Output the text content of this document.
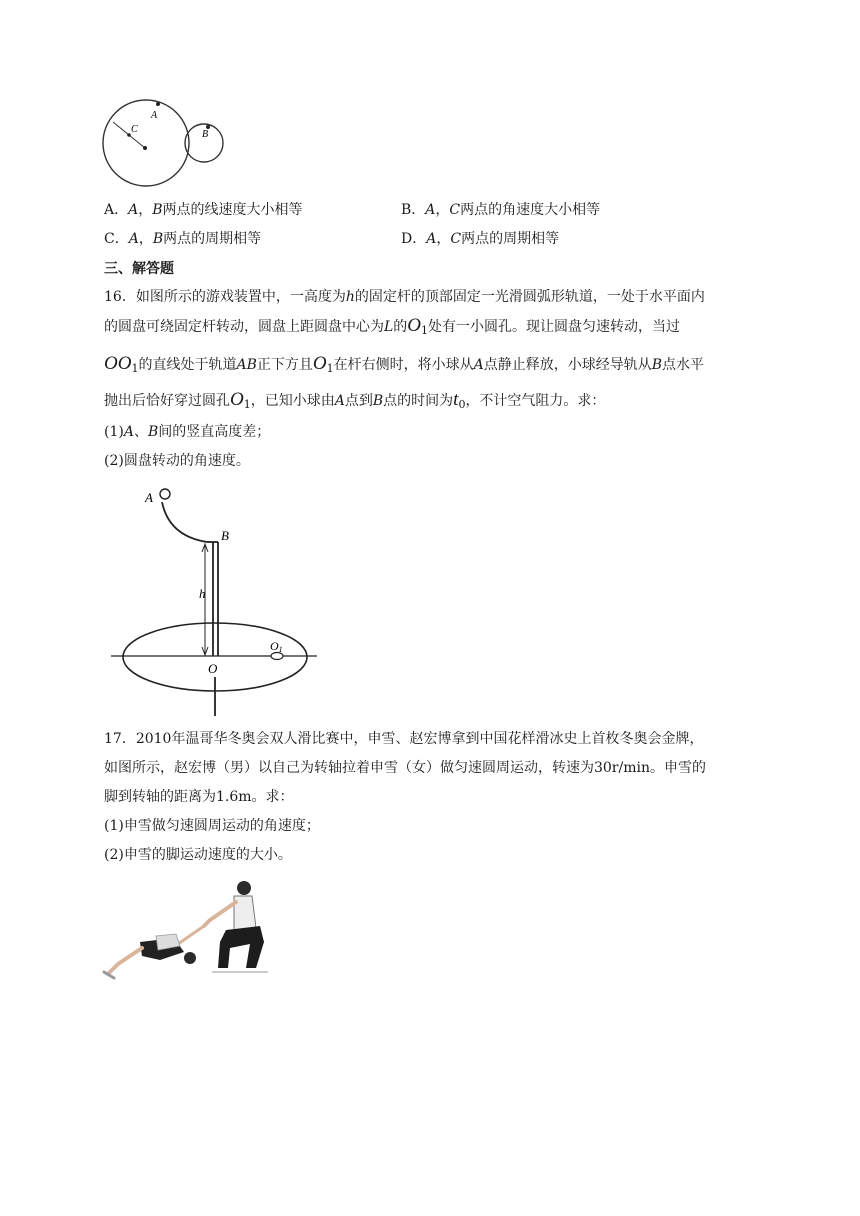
A
C	B
A．A，B两点的线速度大小相等	B．A，C两点的角速度大小相等
C．A，B两点的周期相等	D．A，C两点的周期相等
三、解答题
16．如图所示的游戏装置中，一高度为h的固定杆的顶部固定一光滑圆弧形轨道，一处于水平面内
的圆盘可绕固定杆转动，圆盘上距圆盘中心为L的$O_1$处有一小圆孔。现让圆盘匀速转动，当过
$OO_1$的直线处于轨道AB正下方且$O_1$在杆右侧时，将小球从A点静止释放，小球经导轨从B点水平
抛出后恰好穿过圆孔$O_1$，已知小球由A点到B点的时间为$t_0$，不计空气阻力。求：
(1)A、B间的竖直高度差；
(2)圆盘转动的角速度。
A
B
h
O
O1
17．2010年温哥华冬奥会双人滑比赛中，申雪、赵宏博拿到中国花样滑冰史上首枚冬奥会金牌，
如图所示，赵宏博（男）以自己为转轴拉着申雪（女）做匀速圆周运动，转速为30r/min。申雪的
脚到转轴的距离为1.6m。求：
(1)申雪做匀速圆周运动的角速度；
(2)申雪的脚运动速度的大小。
